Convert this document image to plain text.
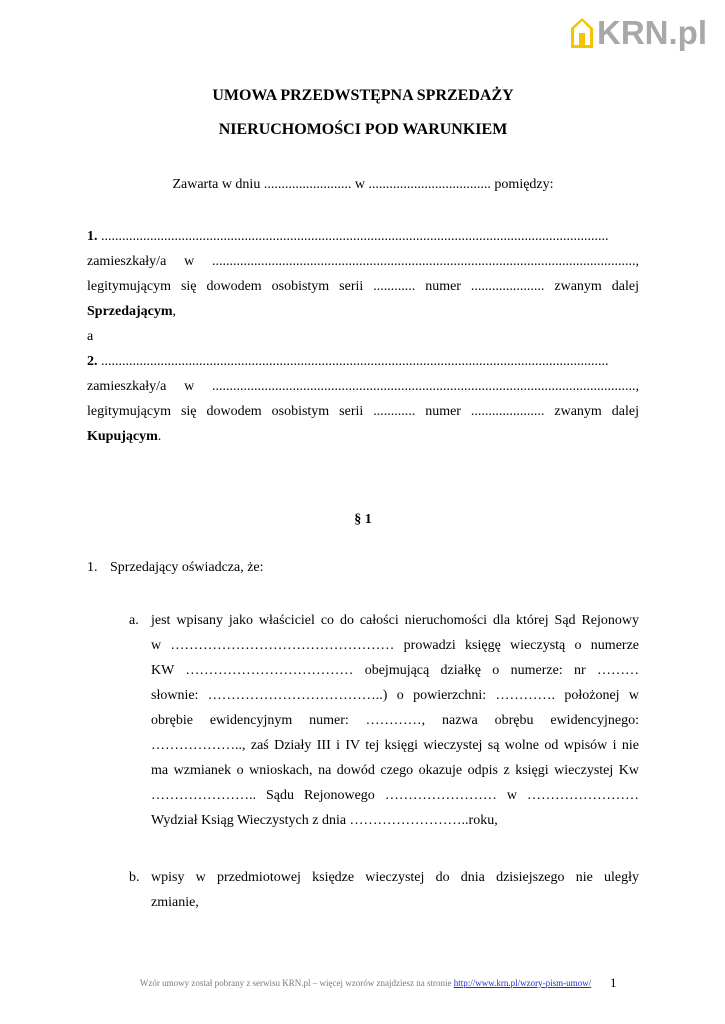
KRN.pl

UMOWA PRZEDWSTĘPNA SPRZEDAŻY

NIERUCHOMOŚCI POD WARUNKIEM

Zawarta w dniu ......................... w ................................... pomiędzy:
1. .................................................................................................................................................
zamieszkały/a w .........................................................................................................................,
legitymującym się dowodem osobistym serii ............ numer ..................... zwanym dalej
Sprzedającym,
a
2. .................................................................................................................................................
zamieszkały/a w .........................................................................................................................,
legitymującym się dowodem osobistym serii ............ numer ..................... zwanym dalej
Kupującym.
§ 1
1. Sprzedający oświadcza, że:
a. jest wpisany jako właściciel co do całości nieruchomości dla której Sąd Rejonowy
w ………………………………………… prowadzi księgę wieczystą o numerze
KW ……………………………… obejmującą działkę o numerze: nr ………
słownie: ………………………………..) o powierzchni: …………. położonej w
obrębie ewidencyjnym numer: …………, nazwa obrębu ewidencyjnego:
……………….., zaś Działy III i IV tej księgi wieczystej są wolne od wpisów i nie
ma wzmianek o wnioskach, na dowód czego okazuje odpis z księgi wieczystej Kw
………………….. Sądu Rejonowego …………………… w ……………………
Wydział Ksiąg Wieczystych z dnia ……………………..roku,
b. wpisy w przedmiotowej księdze wieczystej do dnia dzisiejszego nie uległy
zmianie,
Wzór umowy został pobrany z serwisu KRN.pl – więcej wzorów znajdziesz na stronie http://www.krn.pl/wzory-pism-umow/	1
